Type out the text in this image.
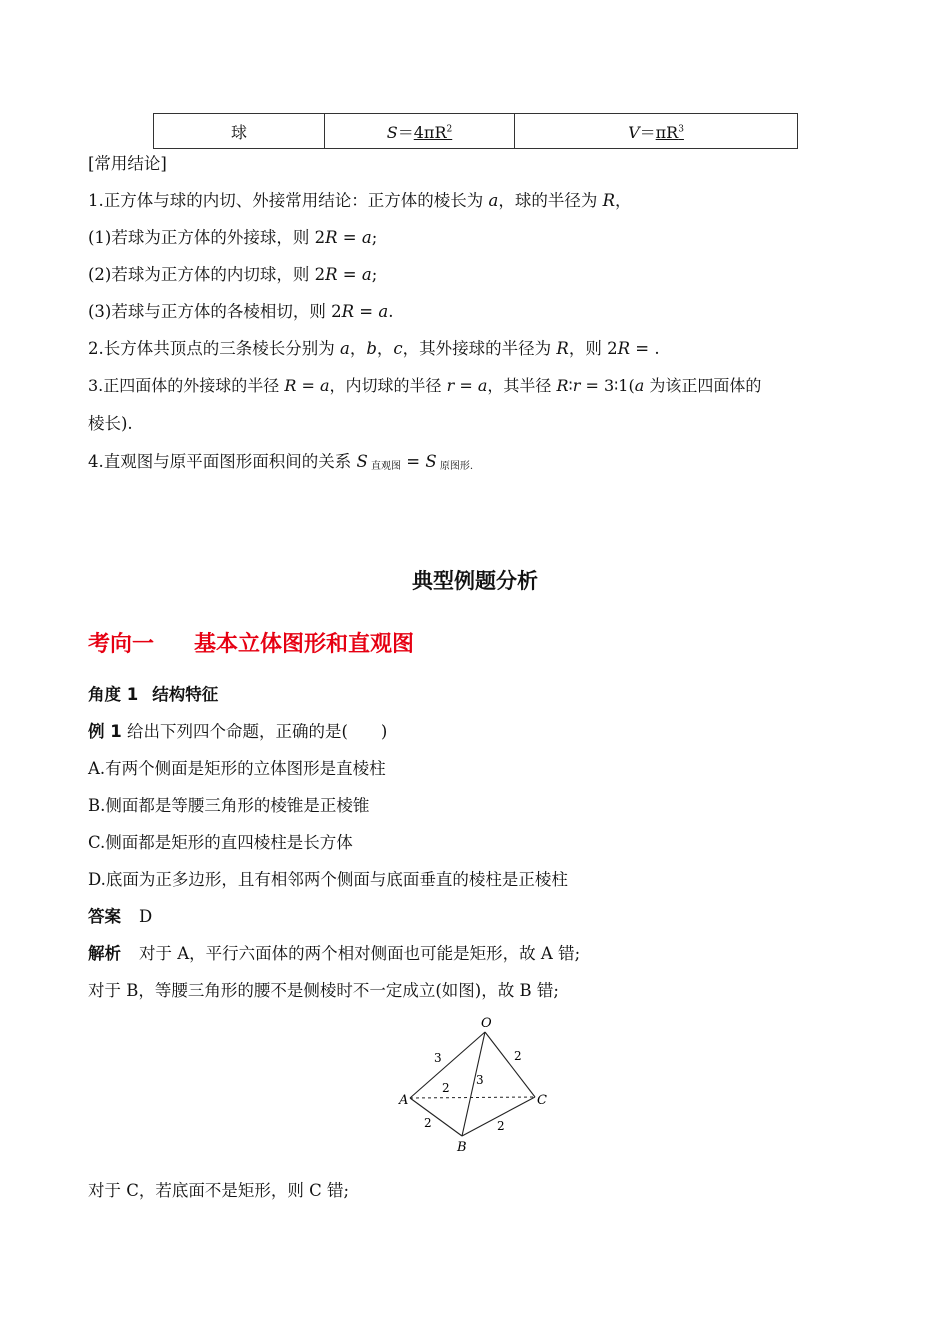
球	$S=4\pi R^2$	$V=\pi R^3$
[常用结论]
1.正方体与球的内切、外接常用结论：正方体的棱长为 a，球的半径为 R，
(1)若球为正方体的外接球，则 2R = a;
(2)若球为正方体的内切球，则 2R = a;
(3)若球与正方体的各棱相切，则 2R = a.
2.长方体共顶点的三条棱长分别为 a，b，c，其外接球的半径为 R，则 2R = .
3.正四面体的外接球的半径 R = a，内切球的半径 r = a，其半径 R∶r = 3∶1(a 为该正四面体的
棱长).
4.直观图与原平面图形面积间的关系 S $_{直观图}$ = S $_{原图形.}$
典型例题分析
考向一 基本立体图形和直观图
角度 1 结构特征
例 1 给出下列四个命题，正确的是(　　)
A.有两个侧面是矩形的立体图形是直棱柱
B.侧面都是等腰三角形的棱锥是正棱锥
C.侧面都是矩形的直四棱柱是长方体
D.底面为正多边形，且有相邻两个侧面与底面垂直的棱柱是正棱柱
答案 D
解析 对于 A，平行六面体的两个相对侧面也可能是矩形，故 A 错;
对于 B，等腰三角形的腰不是侧棱时不一定成立(如图)，故 B 错;
O
A
B
C
3	2
3
2
2	2
对于 C，若底面不是矩形，则 C 错;
